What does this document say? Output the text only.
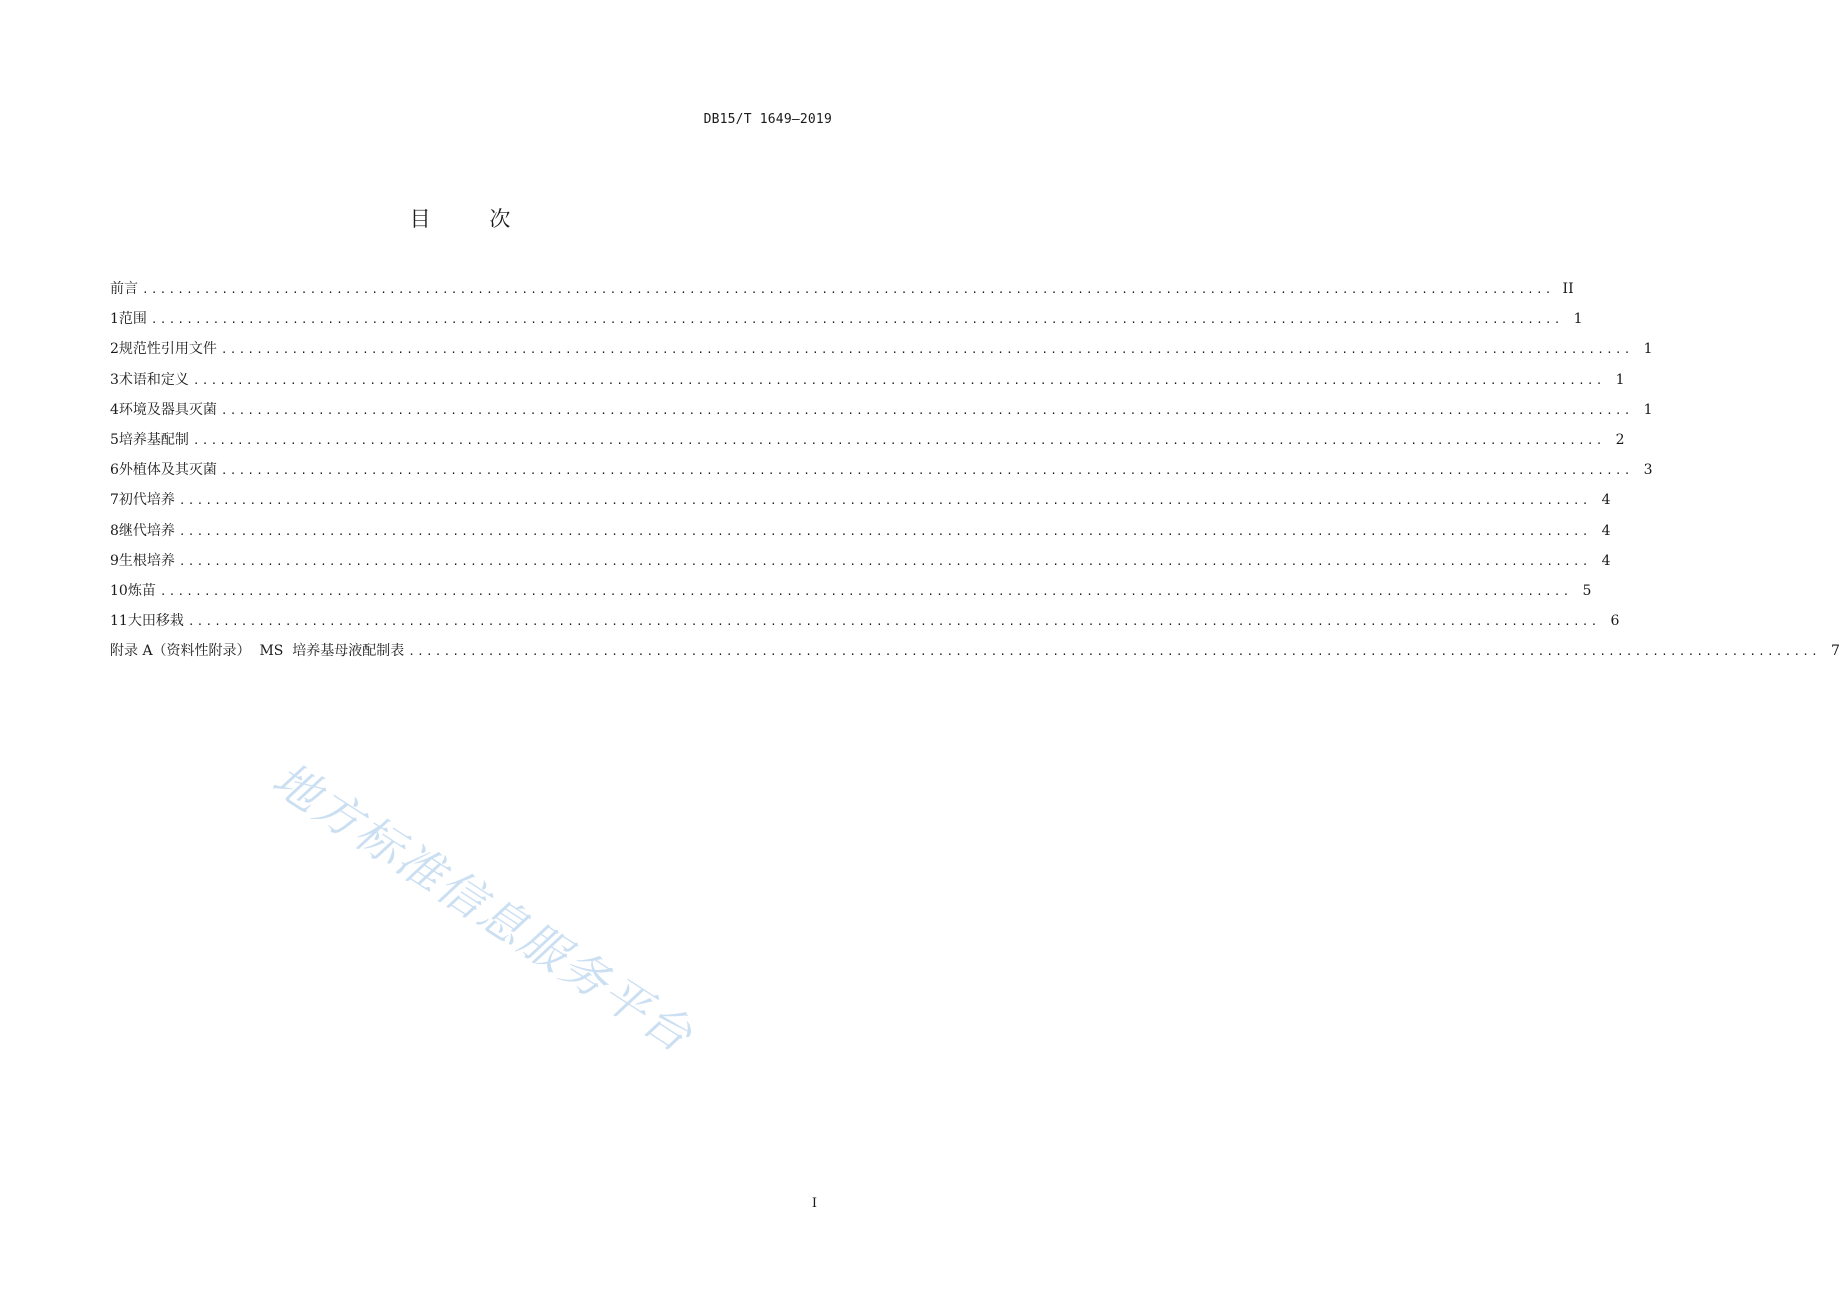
DB15/T 1649—2019
目 次
前言 ................................................................................................................................................................ II
1 范围 ................................................................................................................................................................ 1
2 规范性引用文件 ................................................................................................................................................................ 1
3 术语和定义 ................................................................................................................................................................ 1
4 环境及器具灭菌 ................................................................................................................................................................ 1
5 培养基配制 ................................................................................................................................................................ 2
6 外植体及其灭菌 ................................................................................................................................................................ 3
7 初代培养 ................................................................................................................................................................ 4
8 继代培养 ................................................................................................................................................................ 4
9 生根培养 ................................................................................................................................................................ 4
10 炼苗 ................................................................................................................................................................ 5
11 大田移栽 ................................................................................................................................................................ 6
附录 A（资料性附录）  MS  培养基母液配制表 ................................................................................................................................................................ 7
地方标准信息服务平台
I
